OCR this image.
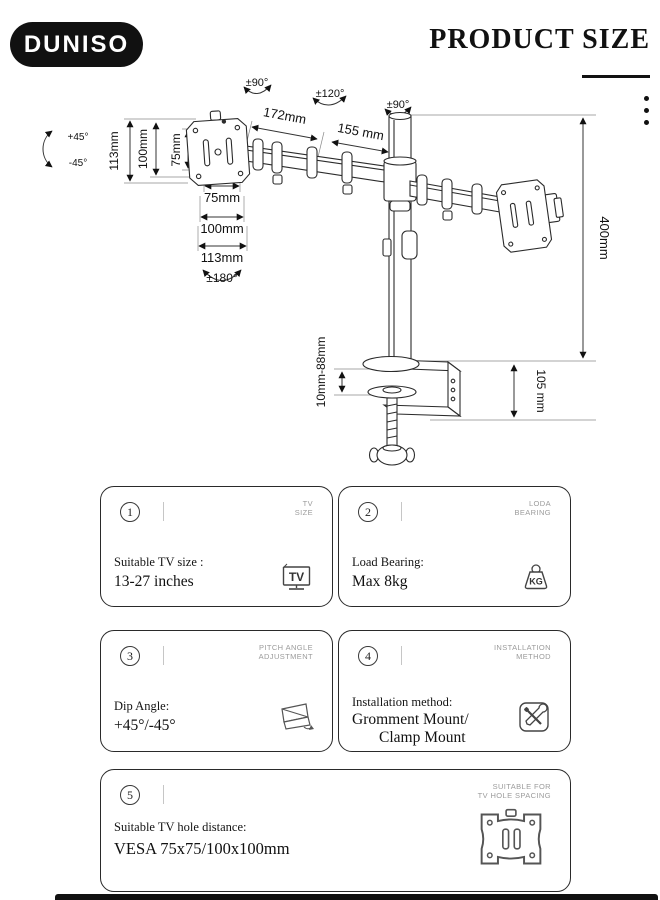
DUNISO	PRODUCT SIZE
+45°
-45° 113mm 100mm 75mm
75mm
100mm
113mm
±180°
±90°
±120°
±90°
172mm
155 mm
400mm
105 mm
10mm-88mm
1
TV
SIZE
Suitable TV size :
13-27 inches	TV
2
LODA
BEARING
Load Bearing:
Max 8kg	KG
3
PITCH ANGLE
ADJUSTMENT
Dip Angle:
+45°/-45°
4
INSTALLATION
METHOD
Installation method:
Gromment Mount/
Clamp Mount
5
SUITABLE FOR
TV HOLE SPACING
Suitable TV hole distance:
VESA 75x75/100x100mm
